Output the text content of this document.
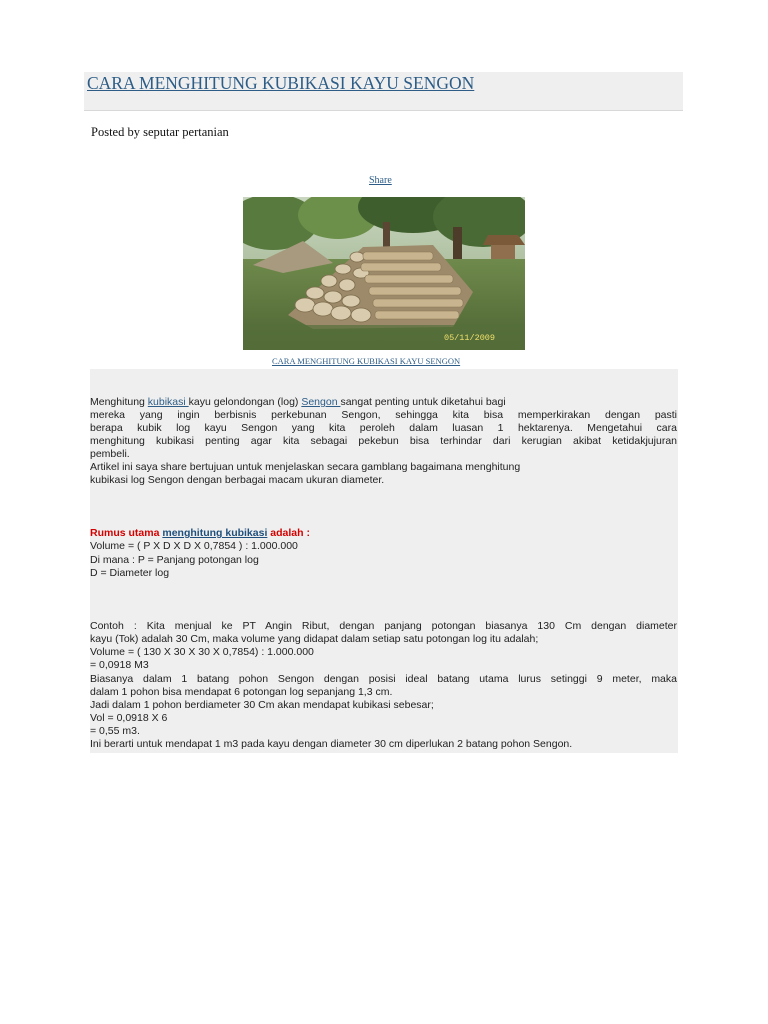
CARA MENGHITUNG KUBIKASI KAYU SENGON
Posted by seputar pertanian
Share
05/11/2009
CARA MENGHITUNG KUBIKASI KAYU SENGON
Menghitung kubikasi kayu gelondongan (log) Sengon sangat penting untuk diketahui bagi
mereka yang ingin berbisnis perkebunan Sengon, sehingga kita bisa memperkirakan dengan pasti
berapa kubik log kayu Sengon yang kita peroleh dalam luasan 1 hektarenya. Mengetahui cara
menghitung kubikasi penting agar kita sebagai pekebun bisa terhindar dari kerugian akibat ketidakjujuran
pembeli.
Artikel ini saya share bertujuan untuk menjelaskan secara gamblang bagaimana menghitung
kubikasi log Sengon dengan berbagai macam ukuran diameter.
Rumus utama menghitung kubikasi adalah :
Volume = ( P X D X D X 0,7854 ) : 1.000.000
Di mana : P = Panjang potongan log
D = Diameter log
Contoh : Kita menjual ke PT Angin Ribut, dengan panjang potongan biasanya 130 Cm dengan diameter
kayu (Tok) adalah 30 Cm, maka volume yang didapat dalam setiap satu potongan log itu adalah;
Volume = ( 130 X 30 X 30 X 0,7854) : 1.000.000
= 0,0918 M3
Biasanya dalam 1 batang pohon Sengon dengan posisi ideal batang utama lurus setinggi 9 meter, maka
dalam 1 pohon bisa mendapat 6 potongan log sepanjang 1,3 cm.
Jadi dalam 1 pohon berdiameter 30 Cm akan mendapat kubikasi sebesar;
Vol = 0,0918 X 6
= 0,55 m3.
Ini berarti untuk mendapat 1 m3 pada kayu dengan diameter 30 cm diperlukan 2 batang pohon Sengon.
